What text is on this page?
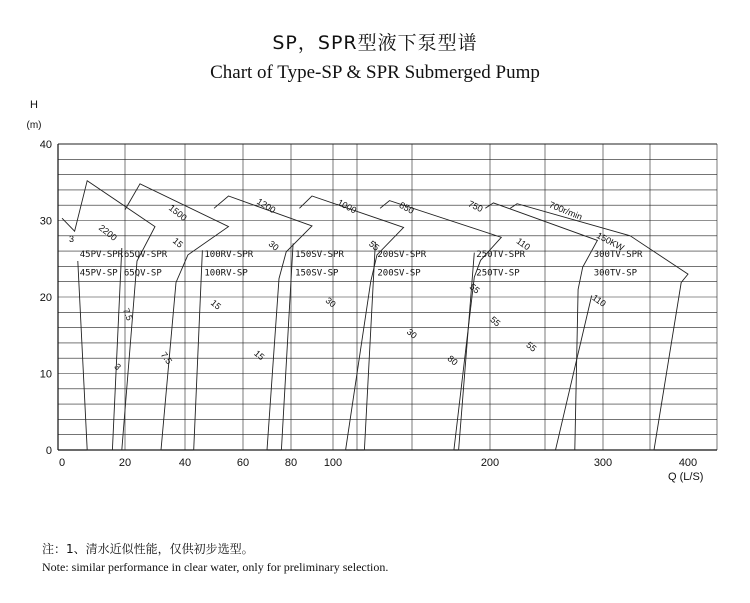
SP，SPR型液下泵型谱
Chart of Type-SP & SPR Submerged Pump
0
10
20
30
40
0	20	40	60	80 100	200	300	400
H
(m)
Q (L/S)
45PV-SPR
45PV-SP
65QV-SPR
65QV-SP
100RV-SPR
100RV-SP
150SV-SPR
150SV-SP
200SV-SPR
200SV-SP
250TV-SPR
250TV-SP
300TV-SPR
300TV-SP
3	2200
1500
15
1200
30
1000
55
850	750	700r/min
110	150KW
55
7.5
15	30
55
110
30
7.5	15	80
55
3
注：1、清水近似性能，仅供初步选型。
Note: similar performance in clear water, only for preliminary selection.
